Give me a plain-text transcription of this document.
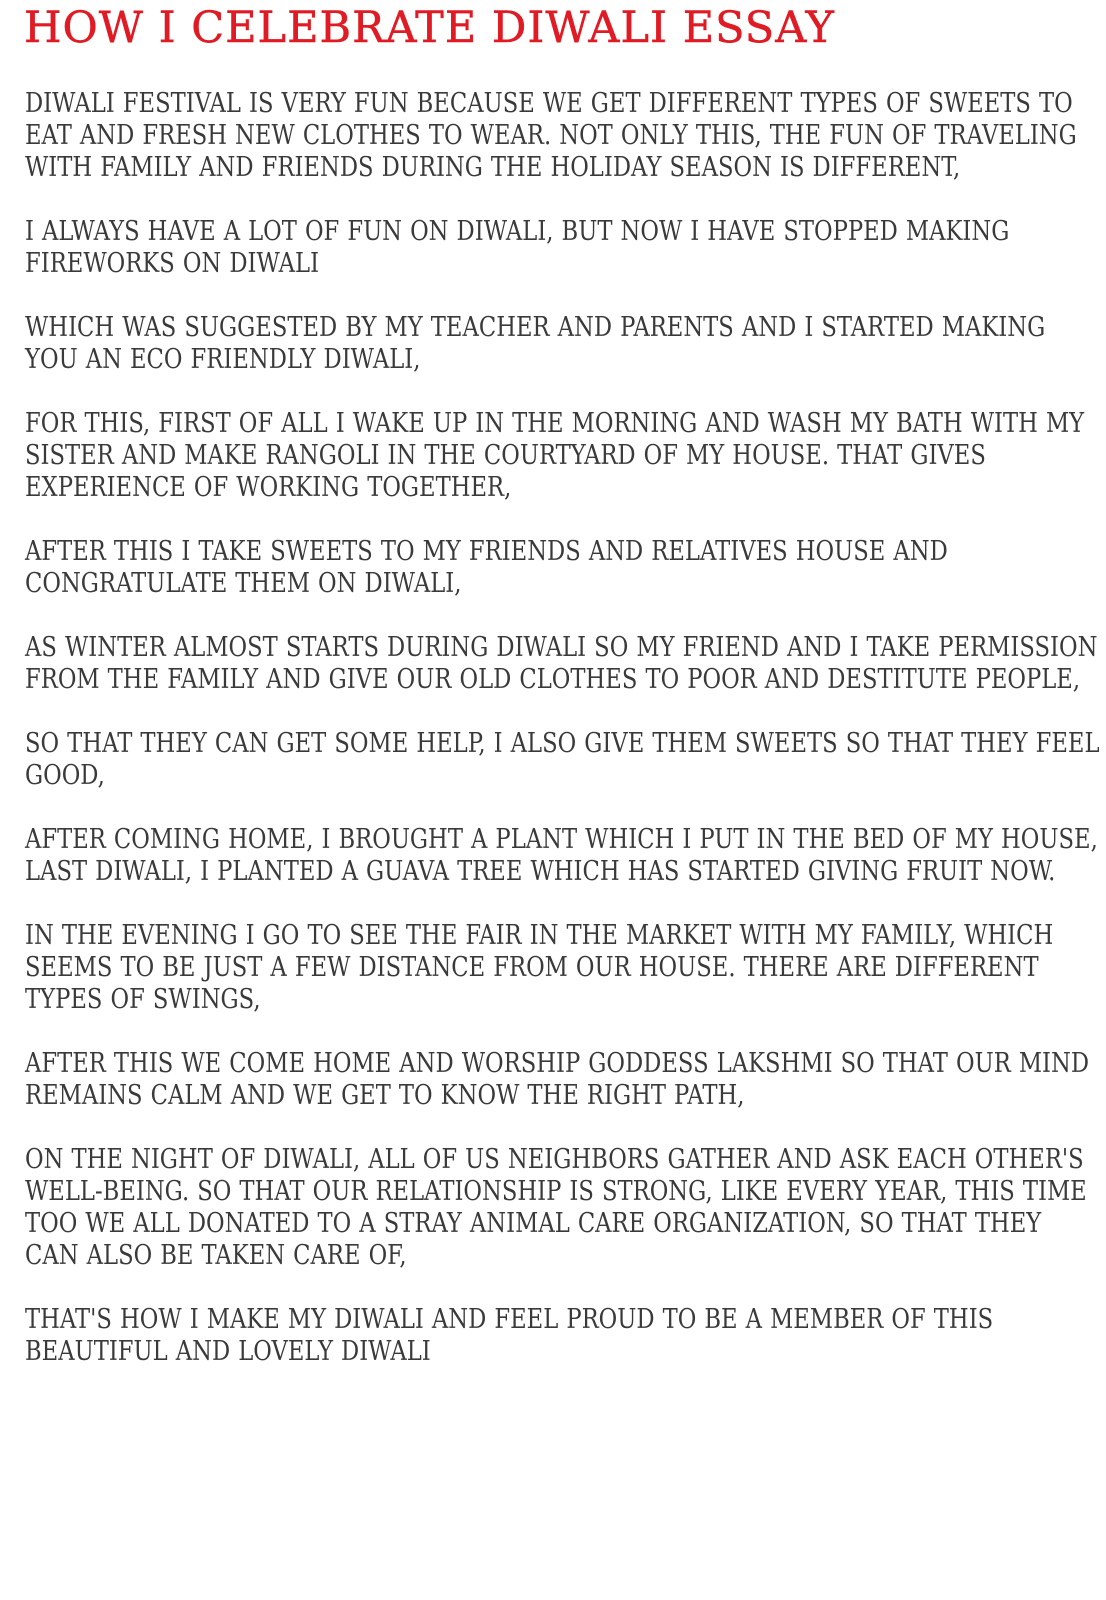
HOW I CELEBRATE DIWALI ESSAY

DIWALI FESTIVAL IS VERY FUN BECAUSE WE GET DIFFERENT TYPES OF SWEETS TO EAT AND FRESH NEW CLOTHES TO WEAR. NOT ONLY THIS, THE FUN OF TRAVELING WITH FAMILY AND FRIENDS DURING THE HOLIDAY SEASON IS DIFFERENT,

I ALWAYS HAVE A LOT OF FUN ON DIWALI, BUT NOW I HAVE STOPPED MAKING FIREWORKS ON DIWALI

WHICH WAS SUGGESTED BY MY TEACHER AND PARENTS AND I STARTED MAKING YOU AN ECO FRIENDLY DIWALI,

FOR THIS, FIRST OF ALL I WAKE UP IN THE MORNING AND WASH MY BATH WITH MY SISTER AND MAKE RANGOLI IN THE COURTYARD OF MY HOUSE. THAT GIVES EXPERIENCE OF WORKING TOGETHER,

AFTER THIS I TAKE SWEETS TO MY FRIENDS AND RELATIVES HOUSE AND CONGRATULATE THEM ON DIWALI,

AS WINTER ALMOST STARTS DURING DIWALI SO MY FRIEND AND I TAKE PERMISSION FROM THE FAMILY AND GIVE OUR OLD CLOTHES TO POOR AND DESTITUTE PEOPLE,

SO THAT THEY CAN GET SOME HELP, I ALSO GIVE THEM SWEETS SO THAT THEY FEEL GOOD,

AFTER COMING HOME, I BROUGHT A PLANT WHICH I PUT IN THE BED OF MY HOUSE, LAST DIWALI, I PLANTED A GUAVA TREE WHICH HAS STARTED GIVING FRUIT NOW.

IN THE EVENING I GO TO SEE THE FAIR IN THE MARKET WITH MY FAMILY, WHICH SEEMS TO BE JUST A FEW DISTANCE FROM OUR HOUSE. THERE ARE DIFFERENT TYPES OF SWINGS,

AFTER THIS WE COME HOME AND WORSHIP GODDESS LAKSHMI SO THAT OUR MIND REMAINS CALM AND WE GET TO KNOW THE RIGHT PATH,

ON THE NIGHT OF DIWALI, ALL OF US NEIGHBORS GATHER AND ASK EACH OTHER'S WELL-BEING. SO THAT OUR RELATIONSHIP IS STRONG, LIKE EVERY YEAR, THIS TIME TOO WE ALL DONATED TO A STRAY ANIMAL CARE ORGANIZATION, SO THAT THEY CAN ALSO BE TAKEN CARE OF,

THAT'S HOW I MAKE MY DIWALI AND FEEL PROUD TO BE A MEMBER OF THIS BEAUTIFUL AND LOVELY DIWALI
